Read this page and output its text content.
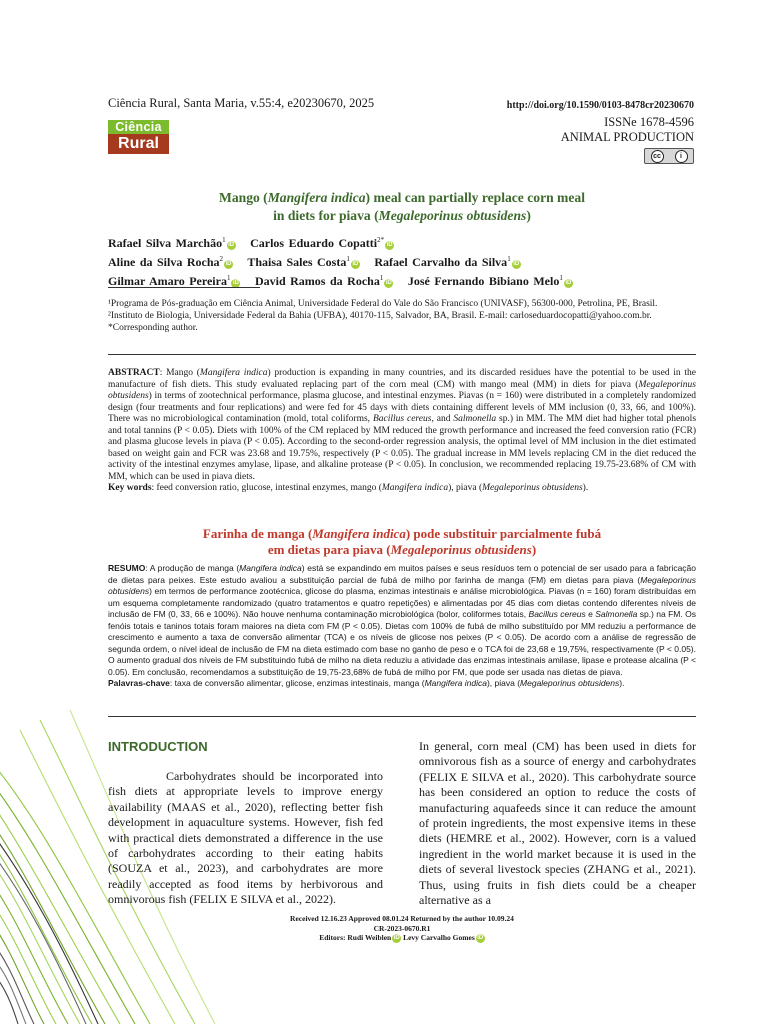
Ciência Rural, Santa Maria, v.55:4, e20230670, 2025	http://doi.org/10.1590/0103-8478cr20230670
ISSNe 1678-4596
ANIMAL PRODUCTION
Ciência
Rural
cc	i
Mango (Mangifera indica) meal can partially replace corn meal
in diets for piava (Megaleporinus obtusidens)
Rafael Silva Marchão$^1$iD Carlos Eduardo Copatti$^{2*}$iD
Aline da Silva Rocha$^2$iD Thaisa Sales Costa$^1$iD Rafael Carvalho da Silva$^1$iD
Gilmar Amaro Pereira$^1$iD David Ramos da Rocha$^1$iD José Fernando Bibiano Melo$^1$iD
¹Programa de Pós-graduação em Ciência Animal, Universidade Federal do Vale do São Francisco (UNIVASF), 56300-000, Petrolina, PE, Brasil.
²Instituto de Biologia, Universidade Federal da Bahia (UFBA), 40170-115, Salvador, BA, Brasil. E-mail: carloseduardocopatti@yahoo.com.br.
*Corresponding author.
ABSTRACT: Mango (Mangifera indica) production is expanding in many countries, and its discarded residues have the potential to be used in the manufacture of fish diets. This study evaluated replacing part of the corn meal (CM) with mango meal (MM) in diets for piava (Megaleporinus obtusidens) in terms of zootechnical performance, plasma glucose, and intestinal enzymes. Piavas (n = 160) were distributed in a completely randomized design (four treatments and four replications) and were fed for 45 days with diets containing different levels of MM inclusion (0, 33, 66, and 100%). There was no microbiological contamination (mold, total coliforms, Bacillus cereus, and Salmonella sp.) in MM. The MM diet had higher total phenols and total tannins (P < 0.05). Diets with 100% of the CM replaced by MM reduced the growth performance and increased the feed conversion ratio (FCR) and plasma glucose levels in piava (P < 0.05). According to the second-order regression analysis, the optimal level of MM inclusion in the diet estimated based on weight gain and FCR was 23.68 and 19.75%, respectively (P < 0.05). The gradual increase in MM levels replacing CM in the diet reduced the activity of the intestinal enzymes amylase, lipase, and alkaline protease (P < 0.05). In conclusion, we recommended replacing 19.75-23.68% of CM with MM, which can be used in piava diets.
Key words: feed conversion ratio, glucose, intestinal enzymes, mango (Mangifera indica), piava (Megaleporinus obtusidens).
Farinha de manga (Mangifera indica) pode substituir parcialmente fubá
em dietas para piava (Megaleporinus obtusidens)
RESUMO: A produção de manga (Mangifera indica) está se expandindo em muitos países e seus resíduos tem o potencial de ser usado para a fabricação de dietas para peixes. Este estudo avaliou a substituição parcial de fubá de milho por farinha de manga (FM) em dietas para piava (Megaleporinus obtusidens) em termos de performance zootécnica, glicose do plasma, enzimas intestinais e análise microbiológica. Piavas (n = 160) foram distribuídas em um esquema completamente randomizado (quatro tratamentos e quatro repetições) e alimentadas por 45 dias com dietas contendo diferentes níveis de inclusão de FM (0, 33, 66 e 100%). Não houve nenhuma contaminação microbiológica (bolor, coliformes totais, Bacillus cereus e Salmonella sp.) na FM. Os fenóis totais e taninos totais foram maiores na dieta com FM (P < 0.05). Dietas com 100% de fubá de milho substituído por MM reduziu a performance de crescimento e aumento a taxa de conversão alimentar (TCA) e os níveis de glicose nos peixes (P < 0.05). De acordo com a análise de regressão de segunda ordem, o nível ideal de inclusão de FM na dieta estimado com base no ganho de peso e o TCA foi de 23,68 e 19,75%, respectivamente (P < 0.05). O aumento gradual dos níveis de FM substituindo fubá de milho na dieta reduziu a atividade das enzimas intestinais amilase, lipase e protease alcalina (P < 0.05). Em conclusão, recomendamos a substituição de 19,75-23,68% de fubá de milho por FM, que pode ser usada nas dietas de piava.
Palavras-chave: taxa de conversão alimentar, glicose, enzimas intestinais, manga (Mangifera indica), piava (Megaleporinus obtusidens).
INTRODUCTION

Carbohydrates should be incorporated into fish diets at appropriate levels to improve energy availability (MAAS et al., 2020), reflecting better fish development in aquaculture systems. However, fish fed with practical diets demonstrated a difference in the use of carbohydrates according to their eating habits (SOUZA et al., 2023), and carbohydrates are more readily accepted as food items by herbivorous and omnivorous fish (FELIX E SILVA et al., 2022).

In general, corn meal (CM) has been used in diets for omnivorous fish as a source of energy and carbohydrates (FELIX E SILVA et al., 2020). This carbohydrate source has been considered an option to reduce the costs of manufacturing aquafeeds since it can reduce the amount of protein ingredients, the most expensive items in these diets (HEMRE et al., 2002). However, corn is a valued ingredient in the world market because it is used in the diets of several livestock species (ZHANG et al., 2021). Thus, using fruits in fish diets could be a cheaper alternative as a

Received 12.16.23 Approved 08.01.24 Returned by the author 10.09.24
CR-2023-0670.R1
Editors: Rudi Weiblen iD Levy Carvalho Gomes iD
